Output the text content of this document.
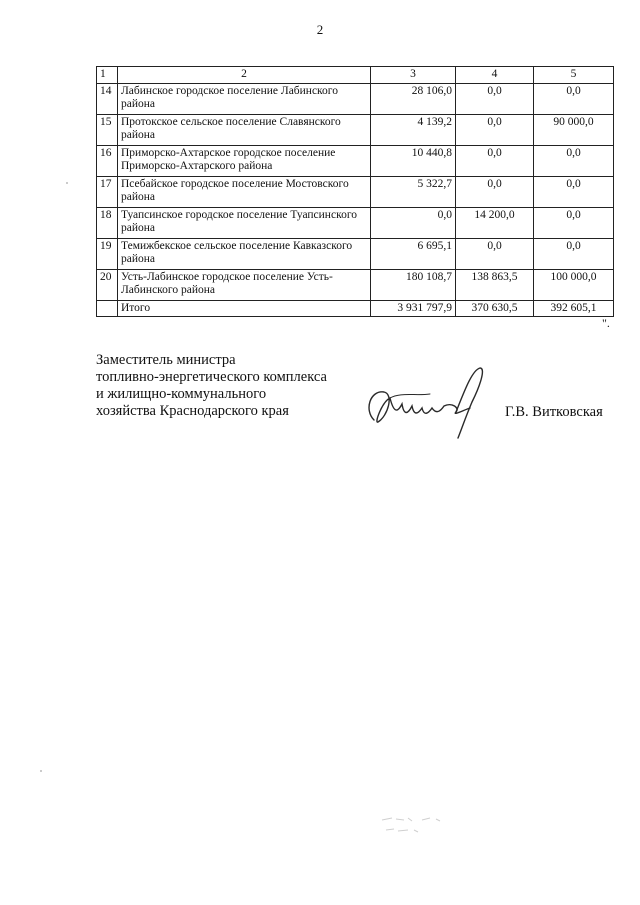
2
1	2	3	4	5
14	Лабинское городское поселение Лабинского района	28 106,0	0,0	0,0
15	Протокское сельское поселение Славянского района	4 139,2	0,0	90 000,0
16	Приморско-Ахтарское городское поселение Приморско-Ахтарского района	10 440,8	0,0	0,0
17	Псебайское городское поселение Мостовского района	5 322,7	0,0	0,0
18	Туапсинское городское поселение Туапсинского района	0,0	14 200,0	0,0
19	Темижбекское сельское поселение Кавказского района	6 695,1	0,0	0,0
20	Усть-Лабинское городское поселение Усть-Лабинского района	180 108,7	138 863,5	100 000,0
	Итого	3 931 797,9	370 630,5	392 605,1
".
Заместитель министра
топливно-энергетического комплекса
и жилищно-коммунального
хозяйства Краснодарского края	Г.В. Витковская
